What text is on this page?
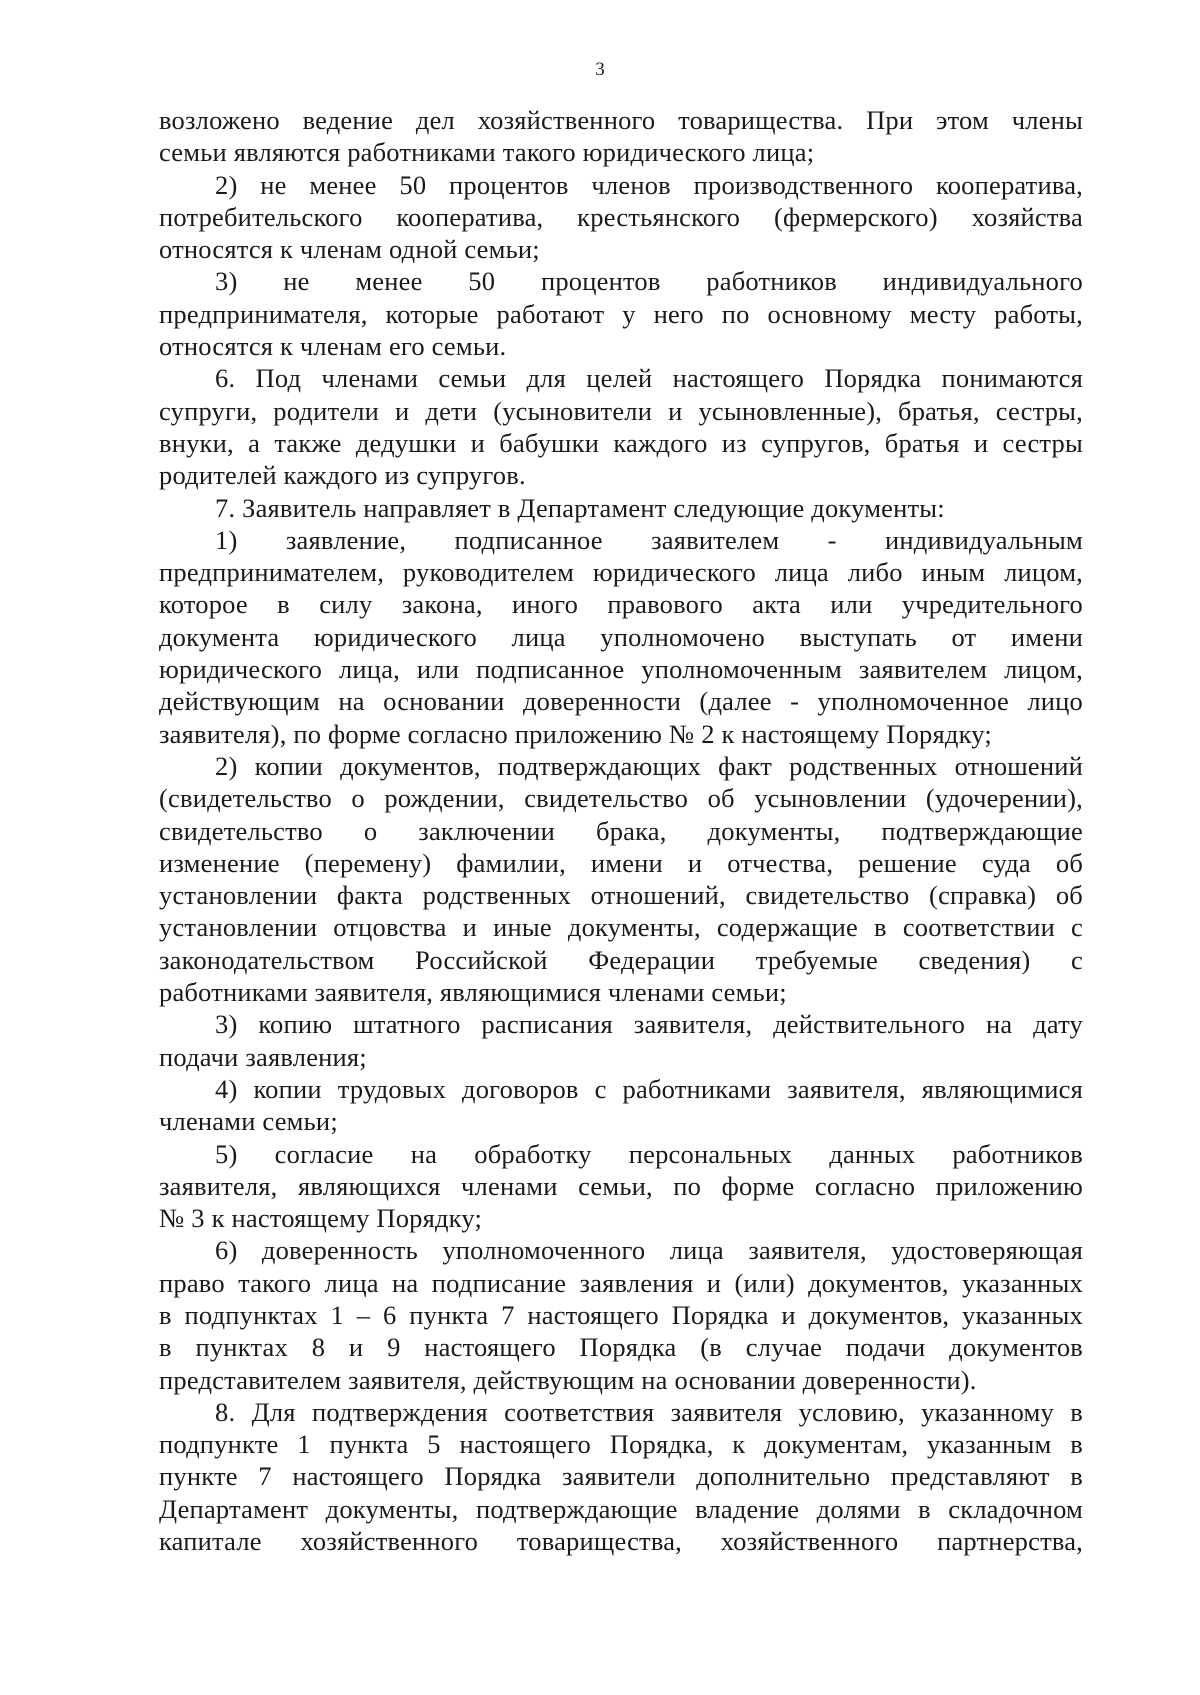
3
возложено ведение дел хозяйственного товарищества. При этом члены
семьи являются работниками такого юридического лица;
2) не менее 50 процентов членов производственного кооператива,
потребительского кооператива, крестьянского (фермерского) хозяйства
относятся к членам одной семьи;
3) не менее 50 процентов работников индивидуального
предпринимателя, которые работают у него по основному месту работы,
относятся к членам его семьи.
6. Под членами семьи для целей настоящего Порядка понимаются
супруги, родители и дети (усыновители и усыновленные), братья, сестры,
внуки, а также дедушки и бабушки каждого из супругов, братья и сестры
родителей каждого из супругов.
7. Заявитель направляет в Департамент следующие документы:
1) заявление, подписанное заявителем - индивидуальным
предпринимателем, руководителем юридического лица либо иным лицом,
которое в силу закона, иного правового акта или учредительного
документа юридического лица уполномочено выступать от имени
юридического лица, или подписанное уполномоченным заявителем лицом,
действующим на основании доверенности (далее - уполномоченное лицо
заявителя), по форме согласно приложению № 2 к настоящему Порядку;
2) копии документов, подтверждающих факт родственных отношений
(свидетельство о рождении, свидетельство об усыновлении (удочерении),
свидетельство о заключении брака, документы, подтверждающие
изменение (перемену) фамилии, имени и отчества, решение суда об
установлении факта родственных отношений, свидетельство (справка) об
установлении отцовства и иные документы, содержащие в соответствии с
законодательством Российской Федерации требуемые сведения) с
работниками заявителя, являющимися членами семьи;
3) копию штатного расписания заявителя, действительного на дату
подачи заявления;
4) копии трудовых договоров с работниками заявителя, являющимися
членами семьи;
5) согласие на обработку персональных данных работников
заявителя, являющихся членами семьи, по форме согласно приложению
№ 3 к настоящему Порядку;
6) доверенность уполномоченного лица заявителя, удостоверяющая
право такого лица на подписание заявления и (или) документов, указанных
в подпунктах 1 – 6 пункта 7 настоящего Порядка и документов, указанных
в пунктах 8 и 9 настоящего Порядка (в случае подачи документов
представителем заявителя, действующим на основании доверенности).
8. Для подтверждения соответствия заявителя условию, указанному в
подпункте 1 пункта 5 настоящего Порядка, к документам, указанным в
пункте 7 настоящего Порядка заявители дополнительно представляют в
Департамент документы, подтверждающие владение долями в складочном
капитале хозяйственного товарищества, хозяйственного партнерства,
